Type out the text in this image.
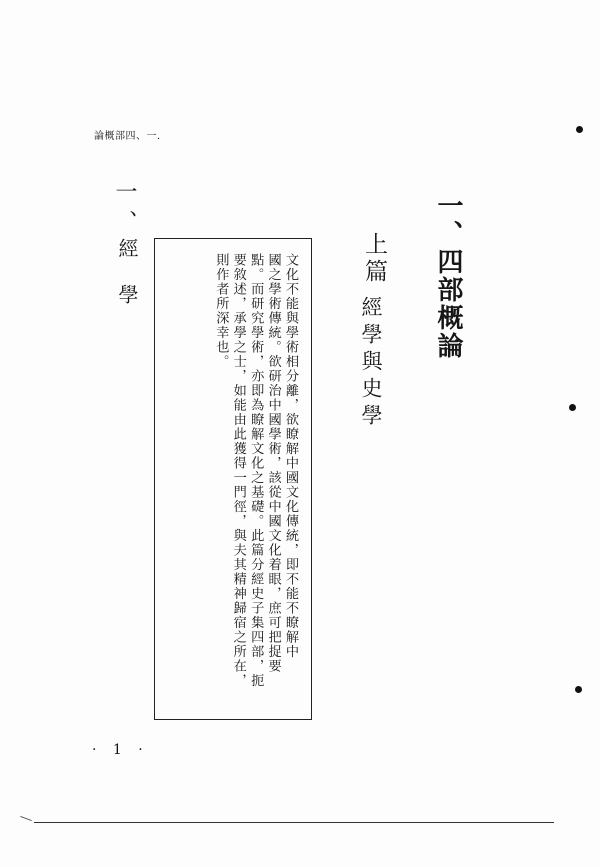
論概部四、一．
一、四部概論
上篇
經學與史學
文化不能與學術相分離，欲瞭解中國文化傳統，即不能不瞭解中
國之學術傳統。欲研治中國學術，該從中國文化着眼，庶可把捉要
點。而研究學術，亦即為瞭解文化之基礎。此篇分經史子集四部，扼
要敘述，承學之士，如能由此獲得一門徑，與夫其精神歸宿之所在，
則作者所深幸也。
一、
經學
· 1 ·
